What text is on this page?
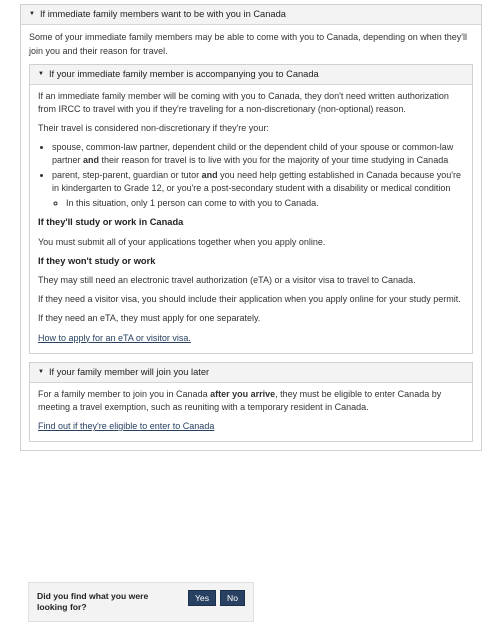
▼ If immediate family members want to be with you in Canada

Some of your immediate family members may be able to come with you to Canada, depending on when they'll join you and their reason for travel.

▼ If your immediate family member is accompanying you to Canada

If an immediate family member will be coming with you to Canada, they don't need written authorization from IRCC to travel with you if they're traveling for a non-discretionary (non-optional) reason.

Their travel is considered non-discretionary if they're your:

• spouse, common-law partner, dependent child or the dependent child of your spouse or common-law partner and their reason for travel is to live with you for the majority of your time studying in Canada
• parent, step-parent, guardian or tutor and you need help getting established in Canada because you're in kindergarten to Grade 12, or you're a post-secondary student with a disability or medical condition
◦ In this situation, only 1 person can come to with you to Canada.
If they'll study or work in Canada

You must submit all of your applications together when you apply online.

If they won't study or work

They may still need an electronic travel authorization (eTA) or a visitor visa to travel to Canada.

If they need a visitor visa, you should include their application when you apply online for your study permit.

If they need an eTA, they must apply for one separately.

How to apply for an eTA or visitor visa.

▼ If your family member will join you later

For a family member to join you in Canada after you arrive, they must be eligible to enter Canada by meeting a travel exemption, such as reuniting with a temporary resident in Canada.

Find out if they're eligible to enter to Canada

Did you find what you were looking for?
Yes	No
